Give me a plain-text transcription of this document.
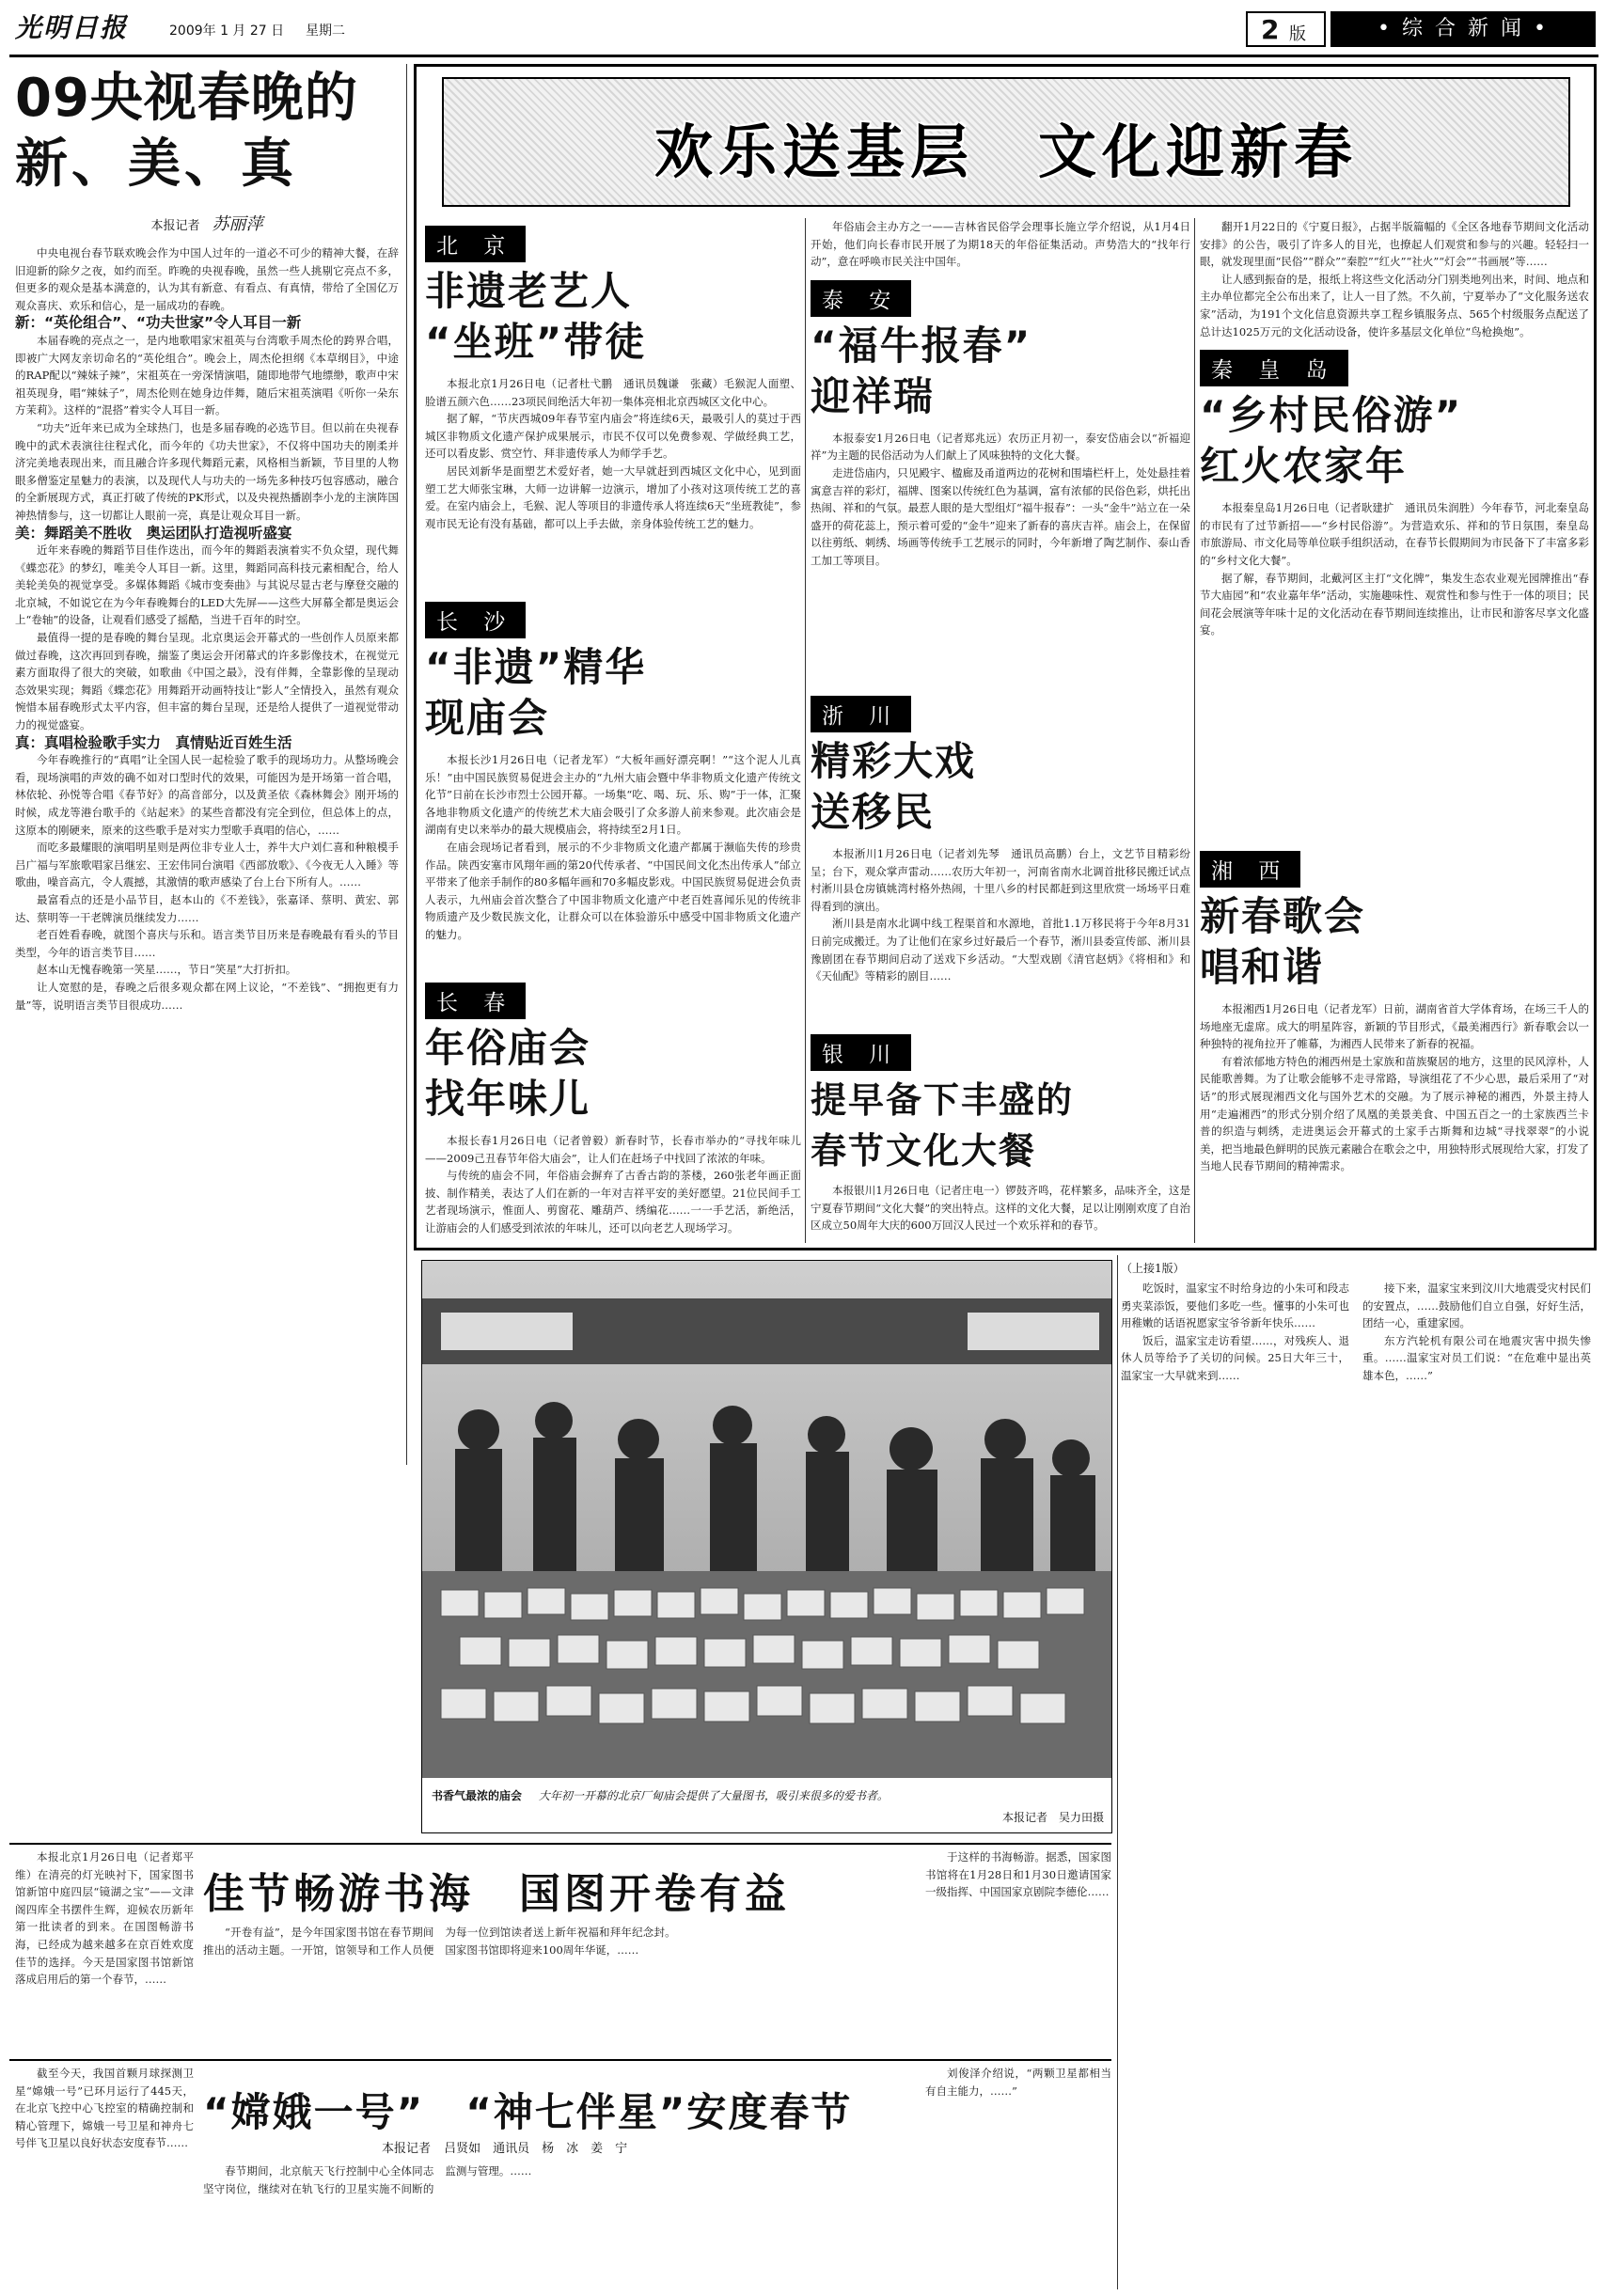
光明日报	2009年 1 月 27 日 星期二	2 版	• 综 合 新 闻 •
09央视春晚的
新、美、真
本报记者 苏丽萍

中央电视台春节联欢晚会作为中国人过年的一道必不可少的精神大餐，在辞旧迎新的除夕之夜，如约而至。昨晚的央视春晚，虽然一些人挑剔它亮点不多，但更多的观众是基本满意的，认为其有新意、有看点、有真情，带给了全国亿万观众喜庆、欢乐和信心，是一届成功的春晚。

新：“英伦组合”、“功夫世家”令人耳目一新

本届春晚的亮点之一，是内地歌唱家宋祖英与台湾歌手周杰伦的跨界合唱，即被广大网友亲切命名的“英伦组合”。晚会上，周杰伦担纲《本草纲目》，中途的RAP配以“辣妹子辣”，宋祖英在一旁深情演唱，随即地带气地缥缈，歌声中宋祖英现身，唱“辣妹子”，周杰伦则在她身边伴舞，随后宋祖英演唱《听你一朵东方茉莉》。这样的“混搭”着实令人耳目一新。

“功夫”近年来已成为全球热门，也是多届春晚的必选节目。但以前在央视春晚中的武术表演往往程式化，而今年的《功夫世家》，不仅将中国功夫的刚柔并济完美地表现出来，而且融合许多现代舞蹈元素，风格相当新颖，节目里的人物眼多僧鉴定星魅力的表演，以及现代人与功夫的一场先多种技巧包容感动，融合的全新展现方式，真正打破了传统的PK形式，以及央视热播剧李小龙的主演阵国神热情参与，这一切都让人眼前一亮，真是让观众耳目一新。

美：舞蹈美不胜收　奥运团队打造视听盛宴

近年来春晚的舞蹈节目佳作迭出，而今年的舞蹈表演着实不负众望，现代舞《蝶恋花》的梦幻，唯美令人耳目一新。这里，舞蹈同高科技元素相配合，给人美轮美奂的视觉享受。多媒体舞蹈《城市变奏曲》与其说尽显古老与摩登交融的北京城，不如说它在为今年春晚舞台的LED大先屏——这些大屏幕全都是奥运会上“卷轴”的设备，让观看们感受了摇酷，当进千百年的时空。

最值得一提的是春晚的舞台呈现。北京奥运会开幕式的一些创作人员原来都做过春晚，这次再回到春晚，揣鉴了奥运会开闭幕式的许多影像技术，在视觉元素方面取得了很大的突破，如歌曲《中国之最》，没有伴舞，全靠影像的呈现动态效果实现；舞蹈《蝶恋花》用舞蹈开动画特技让“影人”全情投入，虽然有观众惋惜本届春晚形式太平内容，但丰富的舞台呈现，还是给人提供了一道视觉带动力的视觉盛宴。

真：真唱检验歌手实力　真情贴近百姓生活

今年春晚推行的“真唱”让全国人民一起检验了歌手的现场功力。从整场晚会看，现场演唱的声效的确不如对口型时代的效果，可能因为是开场第一首合唱，林依轮、孙悦等合唱《春节好》的高音部分，以及黄圣依《森林舞会》刚开场的时候，成龙等港台歌手的《站起来》的某些音都没有完全到位，但总体上的点，这原本的刚硬来，原来的这些歌手是对实力型歌手真唱的信心，……

而吃多最耀眼的演唱明星则是两位非专业人士，养牛大户刘仁喜和种粮模手吕广福与军旅歌唱家吕继宏、王宏伟同台演唱《西部放歌》、《今夜无人入睡》等歌曲，噪音高亢，令人震撼，其激情的歌声感染了台上台下所有人。……

最富看点的还是小品节目，赵本山的《不差钱》，张嘉译、蔡明、黄宏、郭达、蔡明等一干老牌演员继续发力……

老百姓看春晚，就图个喜庆与乐和。语言类节目历来是春晚最有看头的节目类型，今年的语言类节目……

赵本山无愧春晚第一笑星……，节日“笑星”大打折扣。

让人宽慰的是，春晚之后很多观众都在网上议论，“不差钱”、“拥抱更有力量”等，说明语言类节目很成功……

欢乐送基层　文化迎新春
北 京
非遗老艺人
“坐班”带徒

本报北京1月26日电（记者杜弋鹏　通讯员魏谦　张藏）毛猴泥人面塑、脸谱五颜六色……23项民间绝活大年初一集体亮相北京西城区文化中心。

据了解，“节庆西城09年春节室内庙会”将连续6天，最吸引人的莫过于西城区非物质文化遗产保护成果展示，市民不仅可以免费参观、学做经典工艺，还可以看皮影、赏空竹、拜非遗传承人为师学手艺。

居民刘新华是面塑艺术爱好者，她一大早就赶到西城区文化中心，见到面塑工艺大师张宝琳，大师一边讲解一边演示，增加了小孩对这项传统工艺的喜爱。在室内庙会上，毛猴、泥人等项目的非遗传承人将连续6天“坐班教徒”，参观市民无论有没有基础，都可以上手去做，亲身体验传统工艺的魅力。

长 沙
“非遗”精华
现庙会

本报长沙1月26日电（记者龙军）“大板年画好漂亮啊！”“这个泥人儿真乐！”由中国民族贸易促进会主办的“九州大庙会暨中华非物质文化遗产传统文化节”日前在长沙市烈士公园开幕。一场集“吃、喝、玩、乐、购”于一体，汇聚各地非物质文化遗产的传统艺术大庙会吸引了众多游人前来参观。此次庙会是湖南有史以来举办的最大规模庙会，将持续至2月1日。

在庙会现场记者看到，展示的不少非物质文化遗产都属于濒临失传的珍贵作品。陕西安塞市风翔年画的第20代传承者、“中国民间文化杰出传承人”邰立平带来了他亲手制作的80多幅年画和70多幅皮影戏。中国民族贸易促进会负责人表示，九州庙会首次整合了中国非物质文化遗产中老百姓喜闻乐见的传统非物质遗产及少数民族文化，让群众可以在体验游乐中感受中国非物质文化遗产的魅力。

长 春
年俗庙会
找年味儿

本报长春1月26日电（记者曾毅）新春时节，长春市举办的“寻找年味儿——2009己丑春节年俗大庙会”，让人们在赶场子中找回了浓浓的年味。

与传统的庙会不同，年俗庙会摒弃了古香古韵的茶楼，260张老年画正面披、制作精美，表达了人们在新的一年对吉祥平安的美好愿望。21位民间手工艺者现场演示，惟面人、剪窗花、雕葫芦、绣编花……一一手艺活，新绝活，让游庙会的人们感受到浓浓的年味儿，还可以向老艺人现场学习。

年俗庙会主办方之一——吉林省民俗学会理事长施立学介绍说，从1月4日开始，他们向长春市民开展了为期18天的年俗征集活动。声势浩大的“找年行动”，意在呼唤市民关注中国年。

泰 安
“福牛报春”
迎祥瑞

本报泰安1月26日电（记者郑兆远）农历正月初一，泰安岱庙会以“祈福迎祥”为主题的民俗活动为人们献上了风味独特的文化大餐。

走进岱庙内，只见殿宇、楹廊及甬道两边的花树和围墙栏杆上，处处悬挂着寓意吉祥的彩灯，福牌、图案以传统红色为基调，富有浓郁的民俗色彩，烘托出热闹、祥和的气氛。最惹人眼的是大型组灯“福牛报春”：一头“金牛”站立在一朵盛开的荷花蕊上，预示着可爱的“金牛”迎来了新春的喜庆吉祥。庙会上，在保留以往剪纸、刺绣、场画等传统手工艺展示的同时，今年新增了陶艺制作、泰山香工加工等项目。

浙 川
精彩大戏
送移民

本报淅川1月26日电（记者刘先琴　通讯员高鹏）台上，文艺节目精彩纷呈；台下，观众掌声雷动……农历大年初一，河南省南水北调首批移民搬迁试点村淅川县仓房镇姚湾村格外热闹，十里八乡的村民都赶到这里欣赏一场场平日难得看到的演出。

淅川县是南水北调中线工程渠首和水源地，首批1.1万移民将于今年8月31日前完成搬迁。为了让他们在家乡过好最后一个春节，淅川县委宣传部、淅川县豫剧团在春节期间启动了送戏下乡活动。“大型戏剧《清官赵炳》《将相和》和《天仙配》等精彩的剧目……

银 川
提早备下丰盛的
春节文化大餐

本报银川1月26日电（记者庄电一）锣鼓齐鸣，花样繁多，品味齐全，这是宁夏春节期间“文化大餐”的突出特点。这样的文化大餐，足以让刚刚欢度了自治区成立50周年大庆的600万回汉人民过一个欢乐祥和的春节。

翻开1月22日的《宁夏日报》，占据半版篇幅的《全区各地春节期间文化活动安排》的公告，吸引了许多人的目光，也撩起人们观赏和参与的兴趣。轻轻扫一眼，就发现里面“民俗”“群众”“秦腔”“红火”“社火”“灯会”“书画展”等……

让人感到振奋的是，报纸上将这些文化活动分门别类地列出来，时间、地点和主办单位都完全公布出来了，让人一目了然。不久前，宁夏举办了“文化服务送农家”活动，为191个文化信息资源共享工程乡镇服务点、565个村级服务点配送了总计达1025万元的文化活动设备，使许多基层文化单位“鸟枪换炮”。

秦 皇 岛
“乡村民俗游”
红火农家年

本报秦皇岛1月26日电（记者耿建扩　通讯员朱润胜）今年春节，河北秦皇岛的市民有了过节新招——“乡村民俗游”。为营造欢乐、祥和的节日氛围，秦皇岛市旅游局、市文化局等单位联手组织活动，在春节长假期间为市民备下了丰富多彩的“乡村文化大餐”。

据了解，春节期间，北戴河区主打“文化牌”，集发生态农业观光园牌推出“春节大庙园”和“农业嘉年华”活动，实施趣味性、观赏性和参与性于一体的项目；民间花会展演等年味十足的文化活动在春节期间连续推出，让市民和游客尽享文化盛宴。

湘 西
新春歌会
唱和谐

本报湘西1月26日电（记者龙军）日前，湖南省首大学体育场，在场三千人的场地座无虚席。成大的明星阵容，新颖的节目形式，《最美湘西行》新春歌会以一种独特的视角拉开了帷幕，为湘西人民带来了新春的祝福。

有着浓郁地方特色的湘西州是土家族和苗族聚居的地方，这里的民风淳朴，人民能歌善舞。为了让歌会能够不走寻常路，导演组花了不少心思，最后采用了“对话”的形式展现湘西文化与国外艺术的交融。为了展示神秘的湘西，外景主持人用“走遍湘西”的形式分别介绍了凤凰的美景美食、中国五百之一的土家族西兰卡普的织造与刺绣，走进奥运会开幕式的土家手古斯舞和边城“寻找翠翠”的小说美，把当地最色鲜明的民族元素融合在歌会之中，用独特形式展现给大家，打发了当地人民春节期间的精神需求。

书香气最浓的庙会 大年初一开幕的北京厂甸庙会提供了大量图书，吸引来很多的爱书者。
本报记者　吴力田摄
（上接1版）

吃饭时，温家宝不时给身边的小朱可和段志勇夹菜添饭，要他们多吃一些。懂事的小朱可也用稚嫩的话语祝愿家宝爷爷新年快乐……

饭后，温家宝走访看望……，对残疾人、退休人员等给予了关切的问候。25日大年三十，温家宝一大早就来到……

接下来，温家宝来到汶川大地震受灾村民们的安置点，……鼓励他们自立自强，好好生活，团结一心，重建家园。

东方汽轮机有限公司在地震灾害中损失惨重。……温家宝对员工们说：“在危难中显出英雄本色，……”

佳节畅游书海　国图开卷有益

本报北京1月26日电（记者郑平维）在清亮的灯光映衬下，国家图书馆新馆中庭四层“镜湖之宝”——文津阁四库全书摆件生辉，迎候农历新年第一批读者的到来。在国图畅游书海，已经成为越来越多在京百姓欢度佳节的选择。今天是国家图书馆新馆落成启用后的第一个春节，……

“开卷有益”，是今年国家图书馆在春节期间推出的活动主题。一开馆，馆领导和工作人员便为每一位到馆读者送上新年祝福和拜年纪念封。国家图书馆即将迎来100周年华诞，……

于这样的书海畅游。据悉，国家图书馆将在1月28日和1月30日邀请国家一级指挥、中国国家京剧院李德伦……

“嫦娥一号”　“神七伴星”安度春节
本报记者 吕贤如　通讯员　杨　冰　姜　宁

截至今天，我国首颗月球探测卫星“嫦娥一号”已环月运行了445天，在北京飞控中心飞控室的精确控制和精心管理下，嫦娥一号卫星和神舟七号伴飞卫星以良好状态安度春节……

春节期间，北京航天飞行控制中心全体同志坚守岗位，继续对在轨飞行的卫星实施不间断的监测与管理。……

刘俊泽介绍说，“两颗卫星都相当有自主能力，……”
